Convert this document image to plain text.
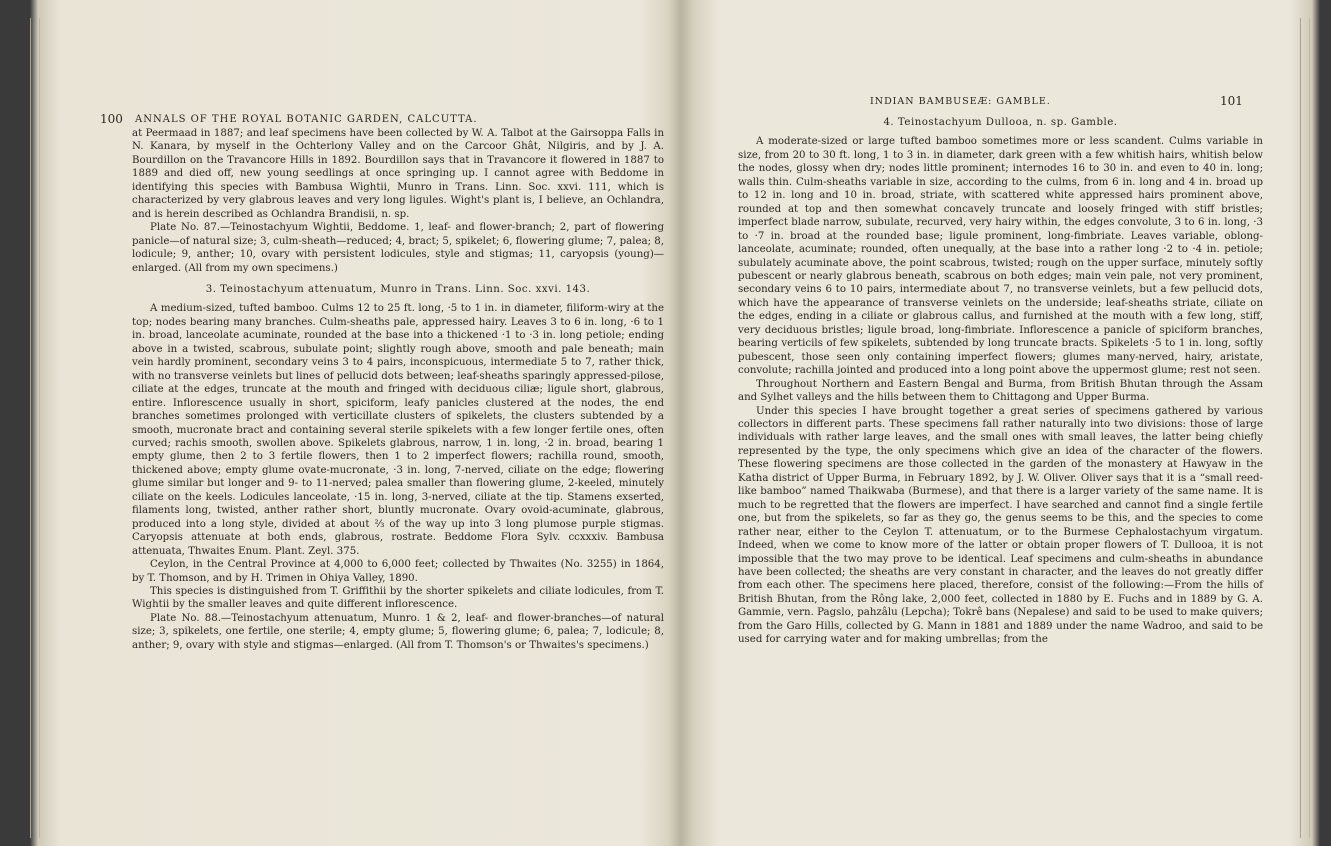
100 ANNALS OF THE ROYAL BOTANIC GARDEN, CALCUTTA.

at Peermaad in 1887; and leaf specimens have been collected by W. A. Talbot at the Gairsoppa Falls in N. Kanara, by myself in the Ochterlony Valley and on the Carcoor Ghât, Nilgiris, and by J. A. Bourdillon on the Travancore Hills in 1892. Bourdillon says that in Travancore it flowered in 1887 to 1889 and died off, new young seedlings at once springing up. I cannot agree with Beddome in identifying this species with Bambusa Wightii, Munro in Trans. Linn. Soc. xxvi. 111, which is characterized by very glabrous leaves and very long ligules. Wight's plant is, I believe, an Ochlandra, and is herein described as Ochlandra Brandisii, n. sp.

Plate No. 87.—Teinostachyum Wightii, Beddome. 1, leaf- and flower-branch; 2, part of flowering panicle—of natural size; 3, culm-sheath—reduced; 4, bract; 5, spikelet; 6, flowering glume; 7, palea; 8, lodicule; 9, anther; 10, ovary with persistent lodicules, style and stigmas; 11, caryopsis (young)—enlarged. (All from my own specimens.)

3. Teinostachyum attenuatum, Munro in Trans. Linn. Soc. xxvi. 143.

A medium-sized, tufted bamboo. Culms 12 to 25 ft. long, ·5 to 1 in. in diameter, filiform-wiry at the top; nodes bearing many branches. Culm-sheaths pale, appressed hairy. Leaves 3 to 6 in. long, ·6 to 1 in. broad, lanceolate acuminate, rounded at the base into a thickened ·1 to ·3 in. long petiole; ending above in a twisted, scabrous, subulate point; slightly rough above, smooth and pale beneath; main vein hardly prominent, secondary veins 3 to 4 pairs, inconspicuous, intermediate 5 to 7, rather thick, with no transverse veinlets but lines of pellucid dots between; leaf-sheaths sparingly appressed-pilose, ciliate at the edges, truncate at the mouth and fringed with deciduous ciliæ; ligule short, glabrous, entire. Inflorescence usually in short, spiciform, leafy panicles clustered at the nodes, the end branches sometimes prolonged with verticillate clusters of spikelets, the clusters subtended by a smooth, mucronate bract and containing several sterile spikelets with a few longer fertile ones, often curved; rachis smooth, swollen above. Spikelets glabrous, narrow, 1 in. long, ·2 in. broad, bearing 1 empty glume, then 2 to 3 fertile flowers, then 1 to 2 imperfect flowers; rachilla round, smooth, thickened above; empty glume ovate-mucronate, ·3 in. long, 7-nerved, ciliate on the edge; flowering glume similar but longer and 9- to 11-nerved; palea smaller than flowering glume, 2-keeled, minutely ciliate on the keels. Lodicules lanceolate, ·15 in. long, 3-nerved, ciliate at the tip. Stamens exserted, filaments long, twisted, anther rather short, bluntly mucronate. Ovary ovoid-acuminate, glabrous, produced into a long style, divided at about ⅔ of the way up into 3 long plumose purple stigmas. Caryopsis attenuate at both ends, glabrous, rostrate. Beddome Flora Sylv. ccxxxiv. Bambusa attenuata, Thwaites Enum. Plant. Zeyl. 375.

Ceylon, in the Central Province at 4,000 to 6,000 feet; collected by Thwaites (No. 3255) in 1864, by T. Thomson, and by H. Trimen in Ohiya Valley, 1890.

This species is distinguished from T. Griffithii by the shorter spikelets and ciliate lodicules, from T. Wightii by the smaller leaves and quite different inflorescence.

Plate No. 88.—Teinostachyum attenuatum, Munro. 1 & 2, leaf- and flower-branches—of natural size; 3, spikelets, one fertile, one sterile; 4, empty glume; 5, flowering glume; 6, palea; 7, lodicule; 8, anther; 9, ovary with style and stigmas—enlarged. (All from T. Thomson's or Thwaites's specimens.)

INDIAN BAMBUSEÆ: GAMBLE.	101

4. Teinostachyum Dullooa, n. sp. Gamble.

A moderate-sized or large tufted bamboo sometimes more or less scandent. Culms variable in size, from 20 to 30 ft. long, 1 to 3 in. in diameter, dark green with a few whitish hairs, whitish below the nodes, glossy when dry; nodes little prominent; internodes 16 to 30 in. and even to 40 in. long; walls thin. Culm-sheaths variable in size, according to the culms, from 6 in. long and 4 in. broad up to 12 in. long and 10 in. broad, striate, with scattered white appressed hairs prominent above, rounded at top and then somewhat concavely truncate and loosely fringed with stiff bristles; imperfect blade narrow, subulate, recurved, very hairy within, the edges convolute, 3 to 6 in. long, ·3 to ·7 in. broad at the rounded base; ligule prominent, long-fimbriate. Leaves variable, oblong-lanceolate, acuminate; rounded, often unequally, at the base into a rather long ·2 to ·4 in. petiole; subulately acuminate above, the point scabrous, twisted; rough on the upper surface, minutely softly pubescent or nearly glabrous beneath, scabrous on both edges; main vein pale, not very prominent, secondary veins 6 to 10 pairs, intermediate about 7, no transverse veinlets, but a few pellucid dots, which have the appearance of transverse veinlets on the underside; leaf-sheaths striate, ciliate on the edges, ending in a ciliate or glabrous callus, and furnished at the mouth with a few long, stiff, very deciduous bristles; ligule broad, long-fimbriate. Inflorescence a panicle of spiciform branches, bearing verticils of few spikelets, subtended by long truncate bracts. Spikelets ·5 to 1 in. long, softly pubescent, those seen only containing imperfect flowers; glumes many-nerved, hairy, aristate, convolute; rachilla jointed and produced into a long point above the uppermost glume; rest not seen.

Throughout Northern and Eastern Bengal and Burma, from British Bhutan through the Assam and Sylhet valleys and the hills between them to Chittagong and Upper Burma.

Under this species I have brought together a great series of specimens gathered by various collectors in different parts. These specimens fall rather naturally into two divisions: those of large individuals with rather large leaves, and the small ones with small leaves, the latter being chiefly represented by the type, the only specimens which give an idea of the character of the flowers. These flowering specimens are those collected in the garden of the monastery at Hawyaw in the Katha district of Upper Burma, in February 1892, by J. W. Oliver. Oliver says that it is a “small reed-like bamboo” named Thaikwaba (Burmese), and that there is a larger variety of the same name. It is much to be regretted that the flowers are imperfect. I have searched and cannot find a single fertile one, but from the spikelets, so far as they go, the genus seems to be this, and the species to come rather near, either to the Ceylon T. attenuatum, or to the Burmese Cephalostachyum virgatum. Indeed, when we come to know more of the latter or obtain proper flowers of T. Dullooa, it is not impossible that the two may prove to be identical. Leaf specimens and culm-sheaths in abundance have been collected; the sheaths are very constant in character, and the leaves do not greatly differ from each other. The specimens here placed, therefore, consist of the following:—From the hills of British Bhutan, from the Rông lake, 2,000 feet, collected in 1880 by E. Fuchs and in 1889 by G. A. Gammie, vern. Pagslo, pahzâlu (Lepcha); Tokrê bans (Nepalese) and said to be used to make quivers; from the Garo Hills, collected by G. Mann in 1881 and 1889 under the name Wadroo, and said to be used for carrying water and for making umbrellas; from the
